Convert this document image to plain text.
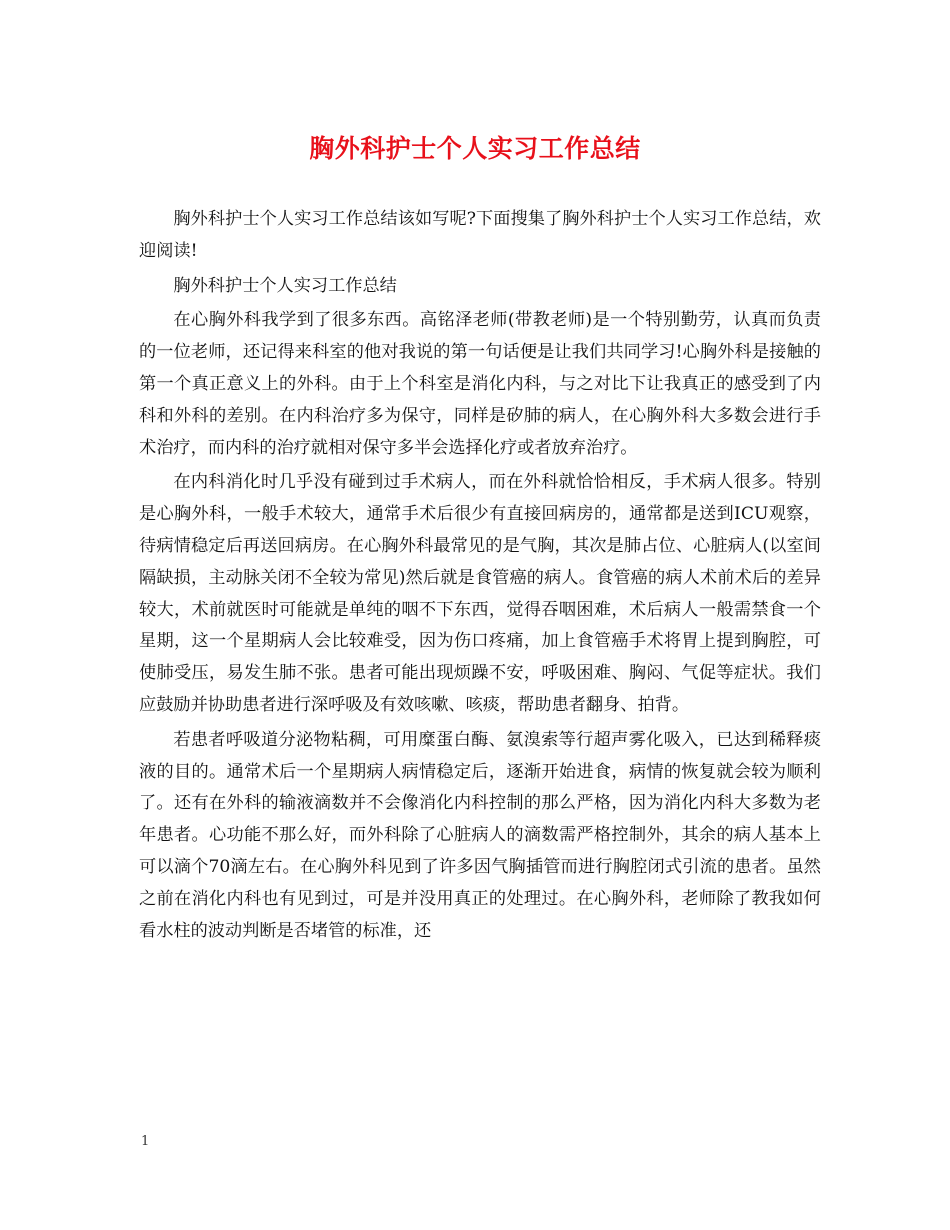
胸外科护士个人实习工作总结

胸外科护士个人实习工作总结该如写呢?下面搜集了胸外科护士个人实习工作总结，欢迎阅读!

胸外科护士个人实习工作总结

在心胸外科我学到了很多东西。高铭泽老师(带教老师)是一个特别勤劳，认真而负责的一位老师，还记得来科室的他对我说的第一句话便是让我们共同学习!心胸外科是接触的第一个真正意义上的外科。由于上个科室是消化内科，与之对比下让我真正的感受到了内科和外科的差别。在内科治疗多为保守，同样是矽肺的病人，在心胸外科大多数会进行手术治疗，而内科的治疗就相对保守多半会选择化疗或者放弃治疗。

在内科消化时几乎没有碰到过手术病人，而在外科就恰恰相反，手术病人很多。特别是心胸外科，一般手术较大，通常手术后很少有直接回病房的，通常都是送到ICU观察，待病情稳定后再送回病房。在心胸外科最常见的是气胸，其次是肺占位、心脏病人(以室间隔缺损，主动脉关闭不全较为常见)然后就是食管癌的病人。食管癌的病人术前术后的差异较大，术前就医时可能就是单纯的咽不下东西，觉得吞咽困难，术后病人一般需禁食一个星期，这一个星期病人会比较难受，因为伤口疼痛，加上食管癌手术将胃上提到胸腔，可使肺受压，易发生肺不张。患者可能出现烦躁不安，呼吸困难、胸闷、气促等症状。我们应鼓励并协助患者进行深呼吸及有效咳嗽、咳痰，帮助患者翻身、拍背。

若患者呼吸道分泌物粘稠，可用糜蛋白酶、氨溴索等行超声雾化吸入，已达到稀释痰液的目的。通常术后一个星期病人病情稳定后，逐渐开始进食，病情的恢复就会较为顺利了。还有在外科的输液滴数并不会像消化内科控制的那么严格，因为消化内科大多数为老年患者。心功能不那么好，而外科除了心脏病人的滴数需严格控制外，其余的病人基本上可以滴个70滴左右。在心胸外科见到了许多因气胸插管而进行胸腔闭式引流的患者。虽然之前在消化内科也有见到过，可是并没用真正的处理过。在心胸外科，老师除了教我如何看水柱的波动判断是否堵管的标准，还

1
